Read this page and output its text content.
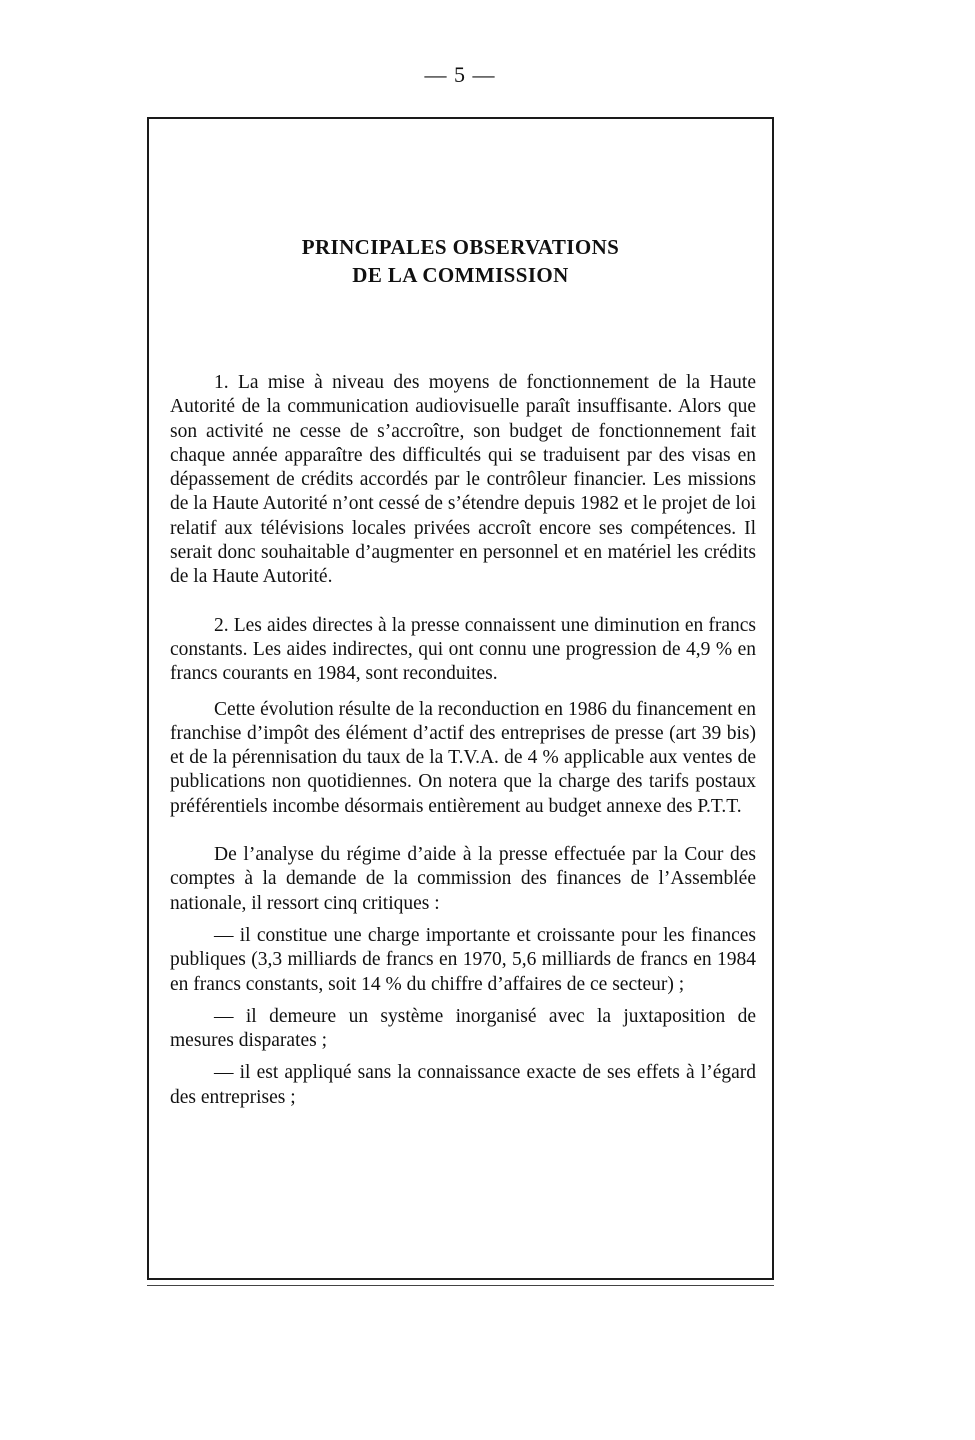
— 5 —
PRINCIPALES OBSERVATIONS
DE LA COMMISSION

1. La mise à niveau des moyens de fonctionnement de la Haute Autorité de la communication audiovisuelle paraît insuffisante. Alors que son activité ne cesse de s’accroître, son budget de fonctionnement fait chaque année apparaître des difficultés qui se traduisent par des visas en dépassement de crédits accordés par le contrôleur financier. Les missions de la Haute Autorité n’ont cessé de s’étendre depuis 1982 et le projet de loi relatif aux télévisions locales privées accroît encore ses compétences. Il serait donc souhaitable d’augmenter en personnel et en matériel les crédits de la Haute Autorité.

2. Les aides directes à la presse connaissent une diminution en francs constants. Les aides indirectes, qui ont connu une progression de 4,9 % en francs courants en 1984, sont reconduites.

Cette évolution résulte de la reconduction en 1986 du financement en franchise d’impôt des élément d’actif des entreprises de presse (art 39 bis) et de la pérennisation du taux de la T.V.A. de 4 % applicable aux ventes de publications non quotidiennes. On notera que la charge des tarifs postaux préférentiels incombe désormais entièrement au budget annexe des P.T.T.

De l’analyse du régime d’aide à la presse effectuée par la Cour des comptes à la demande de la commission des finances de l’Assemblée nationale, il ressort cinq critiques :

— il constitue une charge importante et croissante pour les finances publiques (3,3 milliards de francs en 1970, 5,6 milliards de francs en 1984 en francs constants, soit 14 % du chiffre d’affaires de ce secteur) ;

— il demeure un système inorganisé avec la juxtaposition de mesures disparates ;

— il est appliqué sans la connaissance exacte de ses effets à l’égard des entreprises ;
